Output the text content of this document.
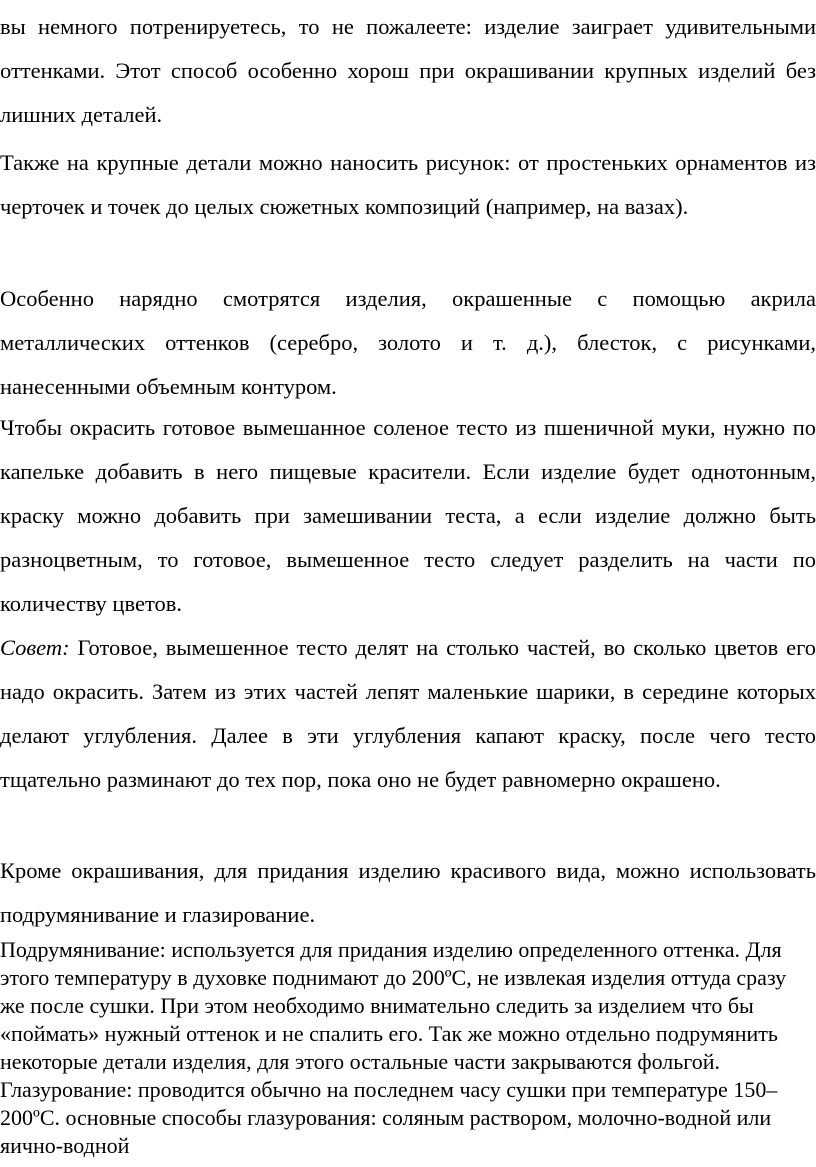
вы немного потренируетесь, то не пожалеете: изделие заиграет удивительными оттенками. Этот способ особенно хорош при окрашивании крупных изделий без лишних деталей.

Также на крупные детали можно наносить рисунок: от простеньких орнаментов из черточек и точек до целых сюжетных композиций (например, на вазах).

Особенно нарядно смотрятся изделия, окрашенные с помощью акрила металлических оттенков (серебро, золото и т. д.), блесток, с рисунками, нанесенными объемным контуром.

Чтобы окрасить готовое вымешанное соленое тесто из пшеничной муки, нужно по капельке добавить в него пищевые красители. Если изделие будет однотонным, краску можно добавить при замешивании теста, а если изделие должно быть разноцветным, то готовое, вымешенное тесто следует разделить на части по количеству цветов.

Совет: Готовое, вымешенное тесто делят на столько частей, во сколько цветов его надо окрасить. Затем из этих частей лепят маленькие шарики, в середине которых делают углубления. Далее в эти углубления капают краску, после чего тесто тщательно разминают до тех пор, пока оно не будет равномерно окрашено.

Кроме окрашивания, для придания изделию красивого вида, можно использовать подрумянивание и глазирование.

Подрумянивание: используется для придания изделию определенного оттенка. Для этого температуру в духовке поднимают до 200ºС, не извлекая изделия оттуда сразу же после сушки. При этом необходимо внимательно следить за изделием что бы «поймать» нужный оттенок и не спалить его. Так же можно отдельно подрумянить некоторые детали изделия, для этого остальные части закрываются фольгой. Глазурование: проводится обычно на последнем часу сушки при температуре 150–200ºС. основные способы глазурования: соляным раствором, молочно-водной или яично-водной
